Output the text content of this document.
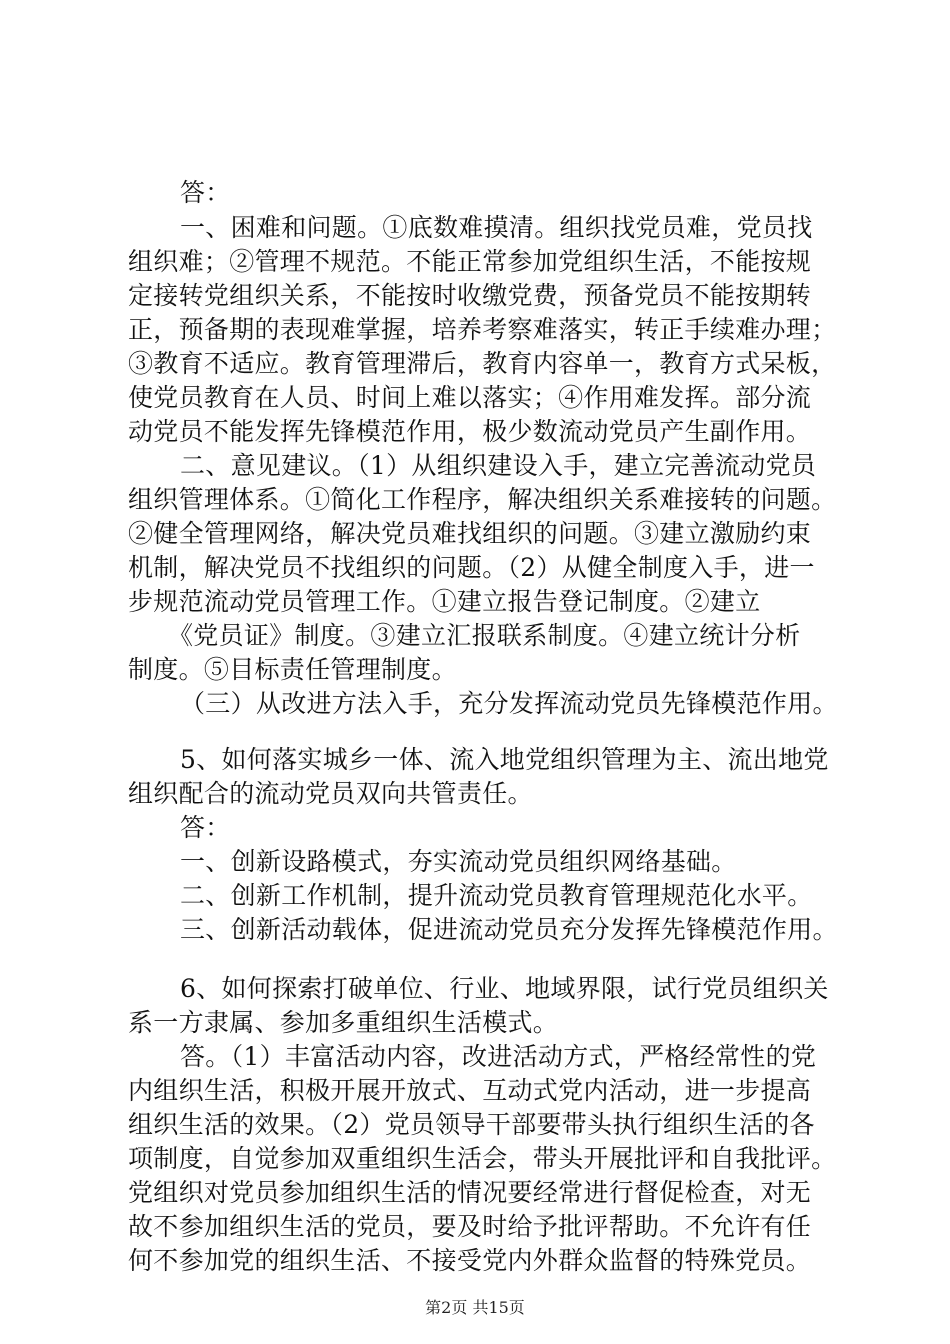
答：
一、困难和问题。①底数难摸清。组织找党员难，党员找
组织难；②管理不规范。不能正常参加党组织生活，不能按规
定接转党组织关系，不能按时收缴党费，预备党员不能按期转
正，预备期的表现难掌握，培养考察难落实，转正手续难办理；
③教育不适应。教育管理滞后，教育内容单一，教育方式呆板，
使党员教育在人员、时间上难以落实；④作用难发挥。部分流
动党员不能发挥先锋模范作用，极少数流动党员产生副作用。
二、意见建议。（1）从组织建设入手，建立完善流动党员
组织管理体系。①简化工作程序，解决组织关系难接转的问题。
②健全管理网络，解决党员难找组织的问题。③建立激励约束
机制，解决党员不找组织的问题。（2）从健全制度入手，进一
步规范流动党员管理工作。①建立报告登记制度。②建立
《党员证》制度。③建立汇报联系制度。④建立统计分析
制度。⑤目标责任管理制度。
（三）从改进方法入手，充分发挥流动党员先锋模范作用。
5、如何落实城乡一体、流入地党组织管理为主、流出地党
组织配合的流动党员双向共管责任。
答：
一、创新设路模式，夯实流动党员组织网络基础。
二、创新工作机制，提升流动党员教育管理规范化水平。
三、创新活动载体，促进流动党员充分发挥先锋模范作用。
6、如何探索打破单位、行业、地域界限，试行党员组织关
系一方隶属、参加多重组织生活模式。
答。（1）丰富活动内容，改进活动方式，严格经常性的党
内组织生活，积极开展开放式、互动式党内活动，进一步提高
组织生活的效果。（2）党员领导干部要带头执行组织生活的各
项制度，自觉参加双重组织生活会，带头开展批评和自我批评。
党组织对党员参加组织生活的情况要经常进行督促检查，对无
故不参加组织生活的党员，要及时给予批评帮助。不允许有任
何不参加党的组织生活、不接受党内外群众监督的特殊党员。
第2页 共15页
